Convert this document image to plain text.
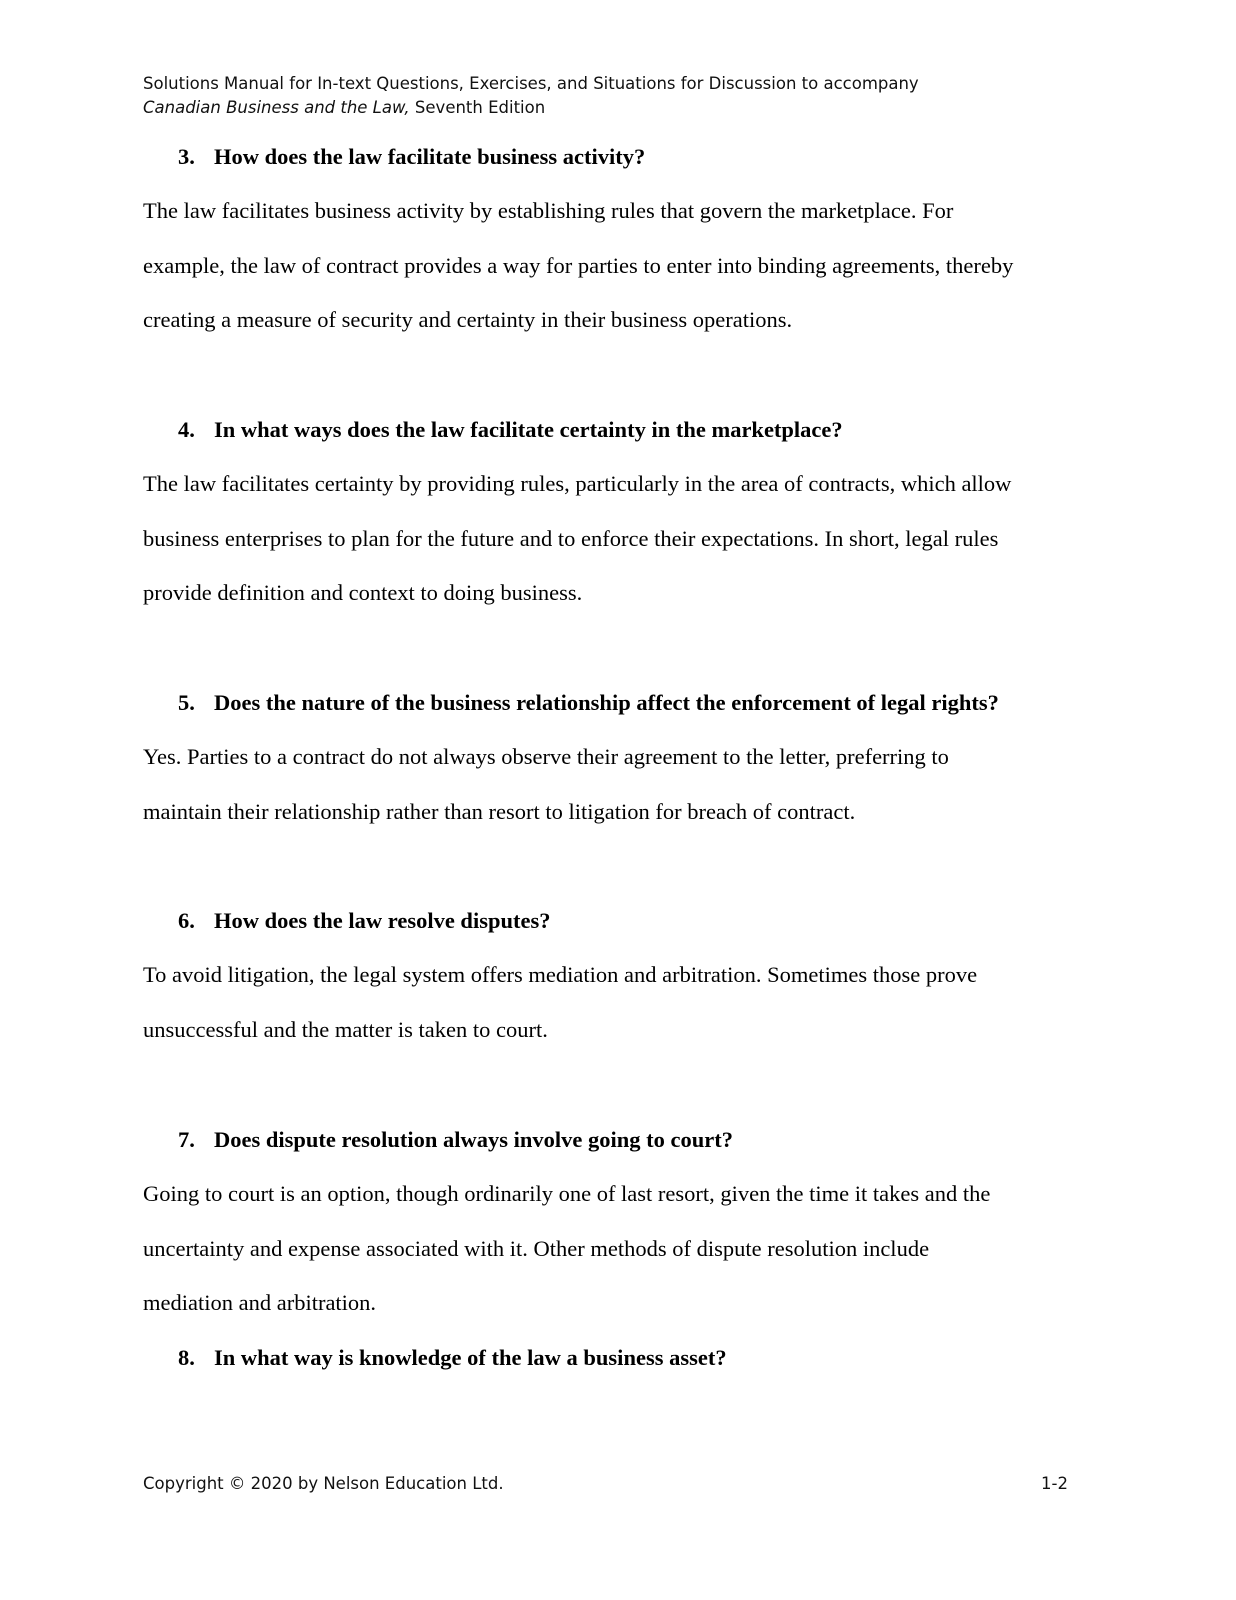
Solutions Manual for In-text Questions, Exercises, and Situations for Discussion to accompany
Canadian Business and the Law, Seventh Edition
3. How does the law facilitate business activity?
The law facilitates business activity by establishing rules that govern the marketplace. For
example, the law of contract provides a way for parties to enter into binding agreements, thereby
creating a measure of security and certainty in their business operations.
4. In what ways does the law facilitate certainty in the marketplace?
The law facilitates certainty by providing rules, particularly in the area of contracts, which allow
business enterprises to plan for the future and to enforce their expectations. In short, legal rules
provide definition and context to doing business.
5. Does the nature of the business relationship affect the enforcement of legal rights?
Yes. Parties to a contract do not always observe their agreement to the letter, preferring to
maintain their relationship rather than resort to litigation for breach of contract.
6. How does the law resolve disputes?
To avoid litigation, the legal system offers mediation and arbitration. Sometimes those prove
unsuccessful and the matter is taken to court.
7. Does dispute resolution always involve going to court?
Going to court is an option, though ordinarily one of last resort, given the time it takes and the
uncertainty and expense associated with it. Other methods of dispute resolution include
mediation and arbitration.
8. In what way is knowledge of the law a business asset?
Copyright © 2020 by Nelson Education Ltd.	1-2
